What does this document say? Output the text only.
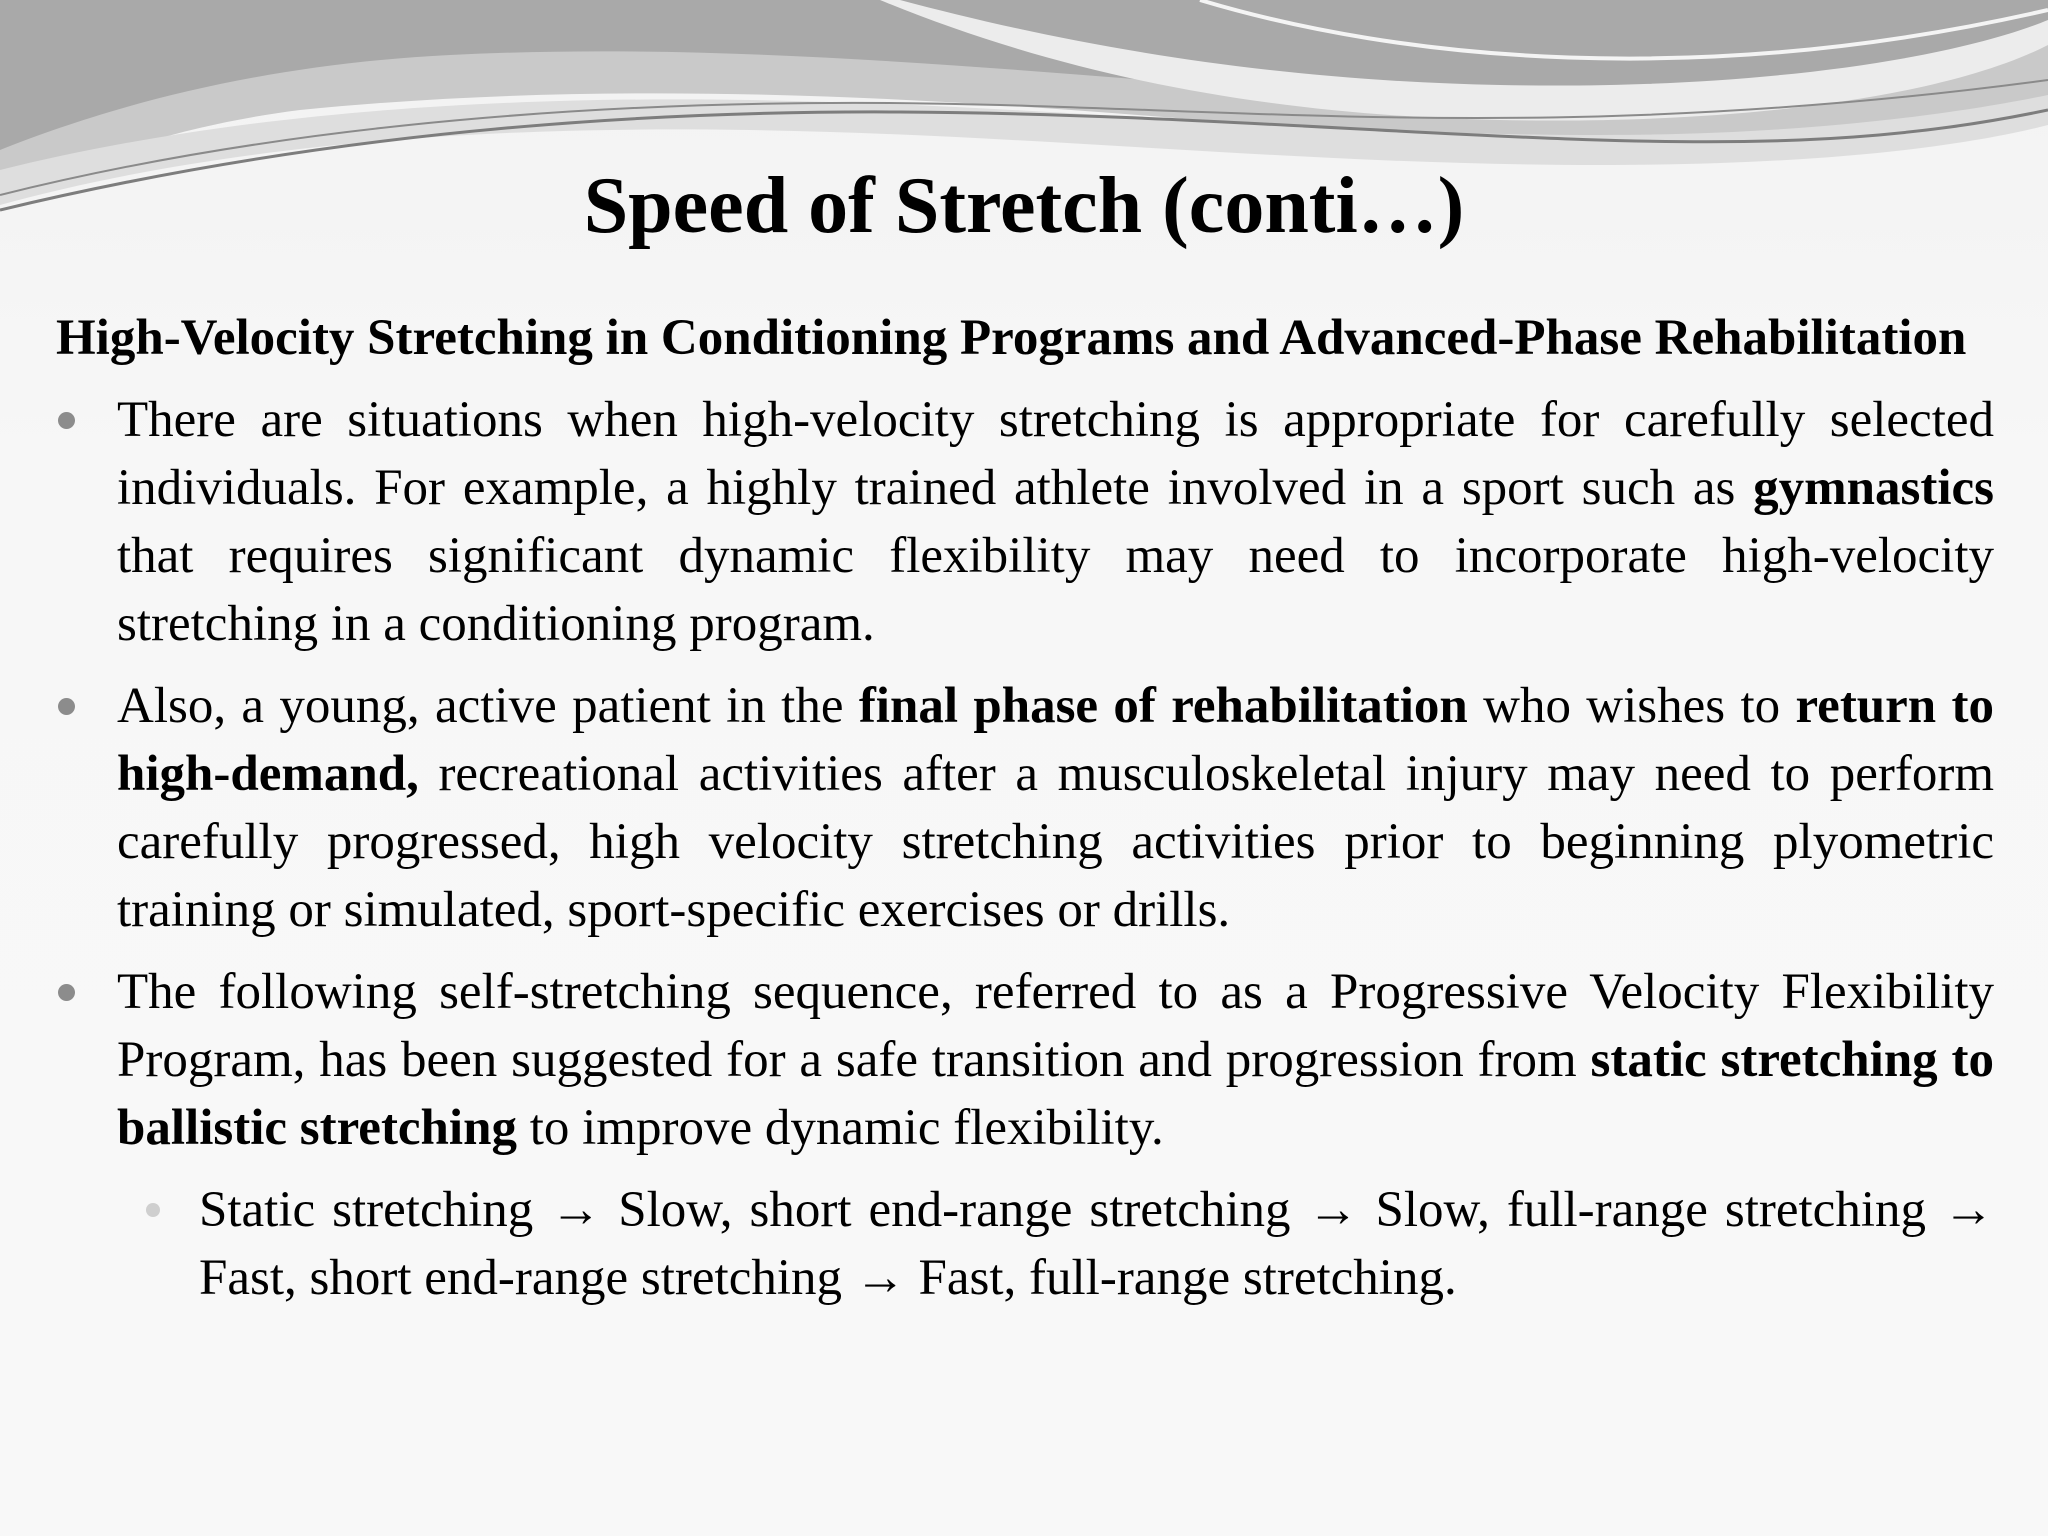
Speed of Stretch (conti…)

High-Velocity Stretching in Conditioning Programs and Advanced-Phase Rehabilitation

There are situations when high-velocity stretching is appropriate for carefully selected individuals. For example, a highly trained athlete involved in a sport such as gymnastics that requires significant dynamic flexibility may need to incorporate high-velocity stretching in a conditioning program.

Also, a young, active patient in the final phase of rehabilitation who wishes to return to high-demand, recreational activities after a musculoskeletal injury may need to perform carefully progressed, high velocity stretching activities prior to beginning plyometric training or simulated, sport-specific exercises or drills.

The following self-stretching sequence, referred to as a Progressive Velocity Flexibility Program, has been suggested for a safe transition and progression from static stretching to ballistic stretching to improve dynamic flexibility.

Static stretching → Slow, short end-range stretching → Slow, full-range stretching → Fast, short end-range stretching → Fast, full-range stretching.
